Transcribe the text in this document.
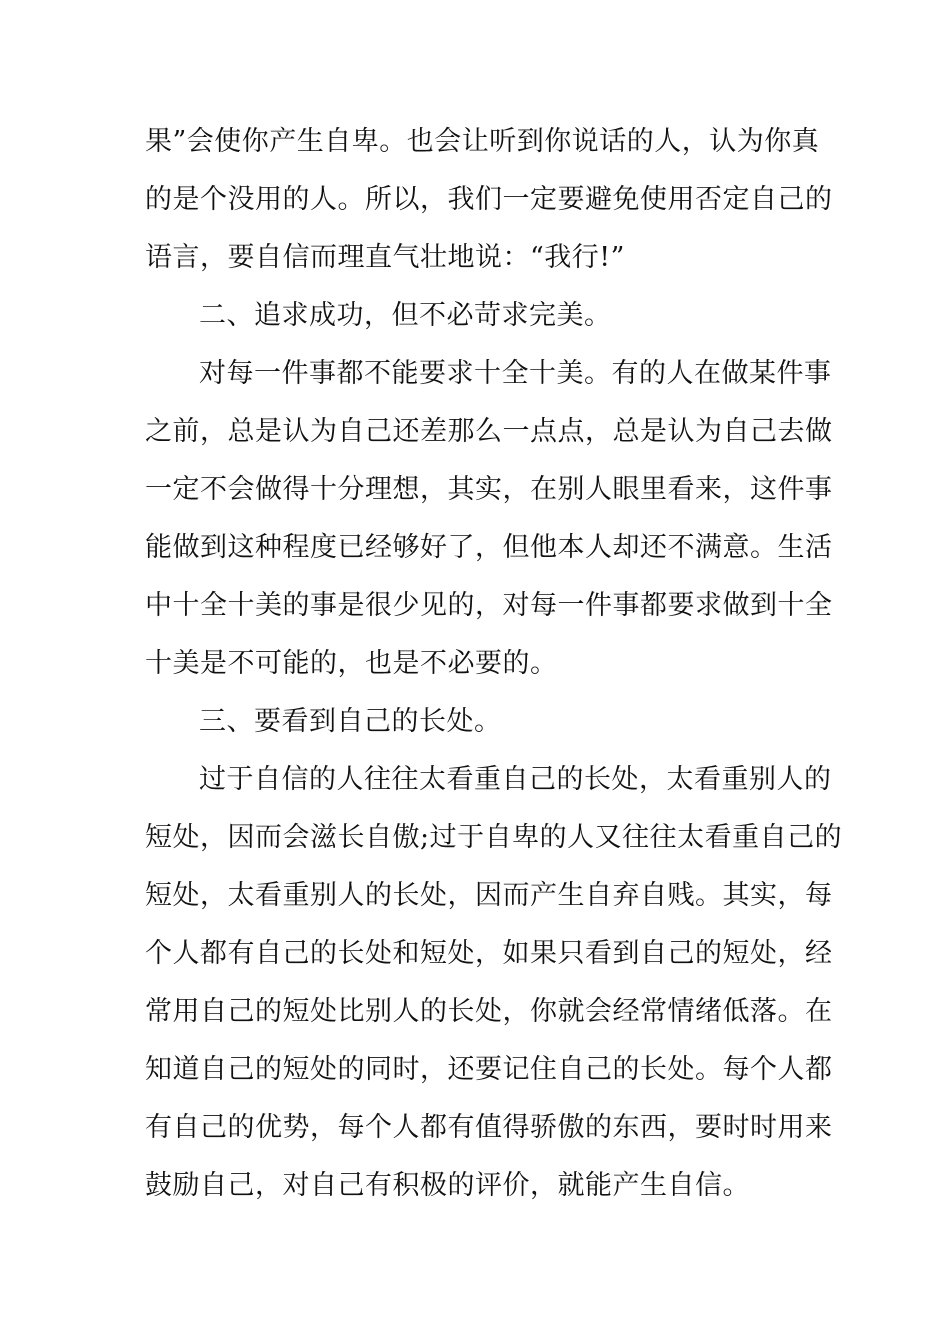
果”会使你产生自卑。也会让听到你说话的人，认为你真
的是个没用的人。所以，我们一定要避免使用否定自己的
语言，要自信而理直气壮地说：“我行!”
二、追求成功，但不必苛求完美。
对每一件事都不能要求十全十美。有的人在做某件事
之前，总是认为自己还差那么一点点，总是认为自己去做
一定不会做得十分理想，其实，在别人眼里看来，这件事
能做到这种程度已经够好了，但他本人却还不满意。生活
中十全十美的事是很少见的，对每一件事都要求做到十全
十美是不可能的，也是不必要的。
三、要看到自己的长处。
过于自信的人往往太看重自己的长处，太看重别人的
短处，因而会滋长自傲;过于自卑的人又往往太看重自己的
短处，太看重别人的长处，因而产生自弃自贱。其实，每
个人都有自己的长处和短处，如果只看到自己的短处，经
常用自己的短处比别人的长处，你就会经常情绪低落。在
知道自己的短处的同时，还要记住自己的长处。每个人都
有自己的优势，每个人都有值得骄傲的东西，要时时用来
鼓励自己，对自己有积极的评价，就能产生自信。
